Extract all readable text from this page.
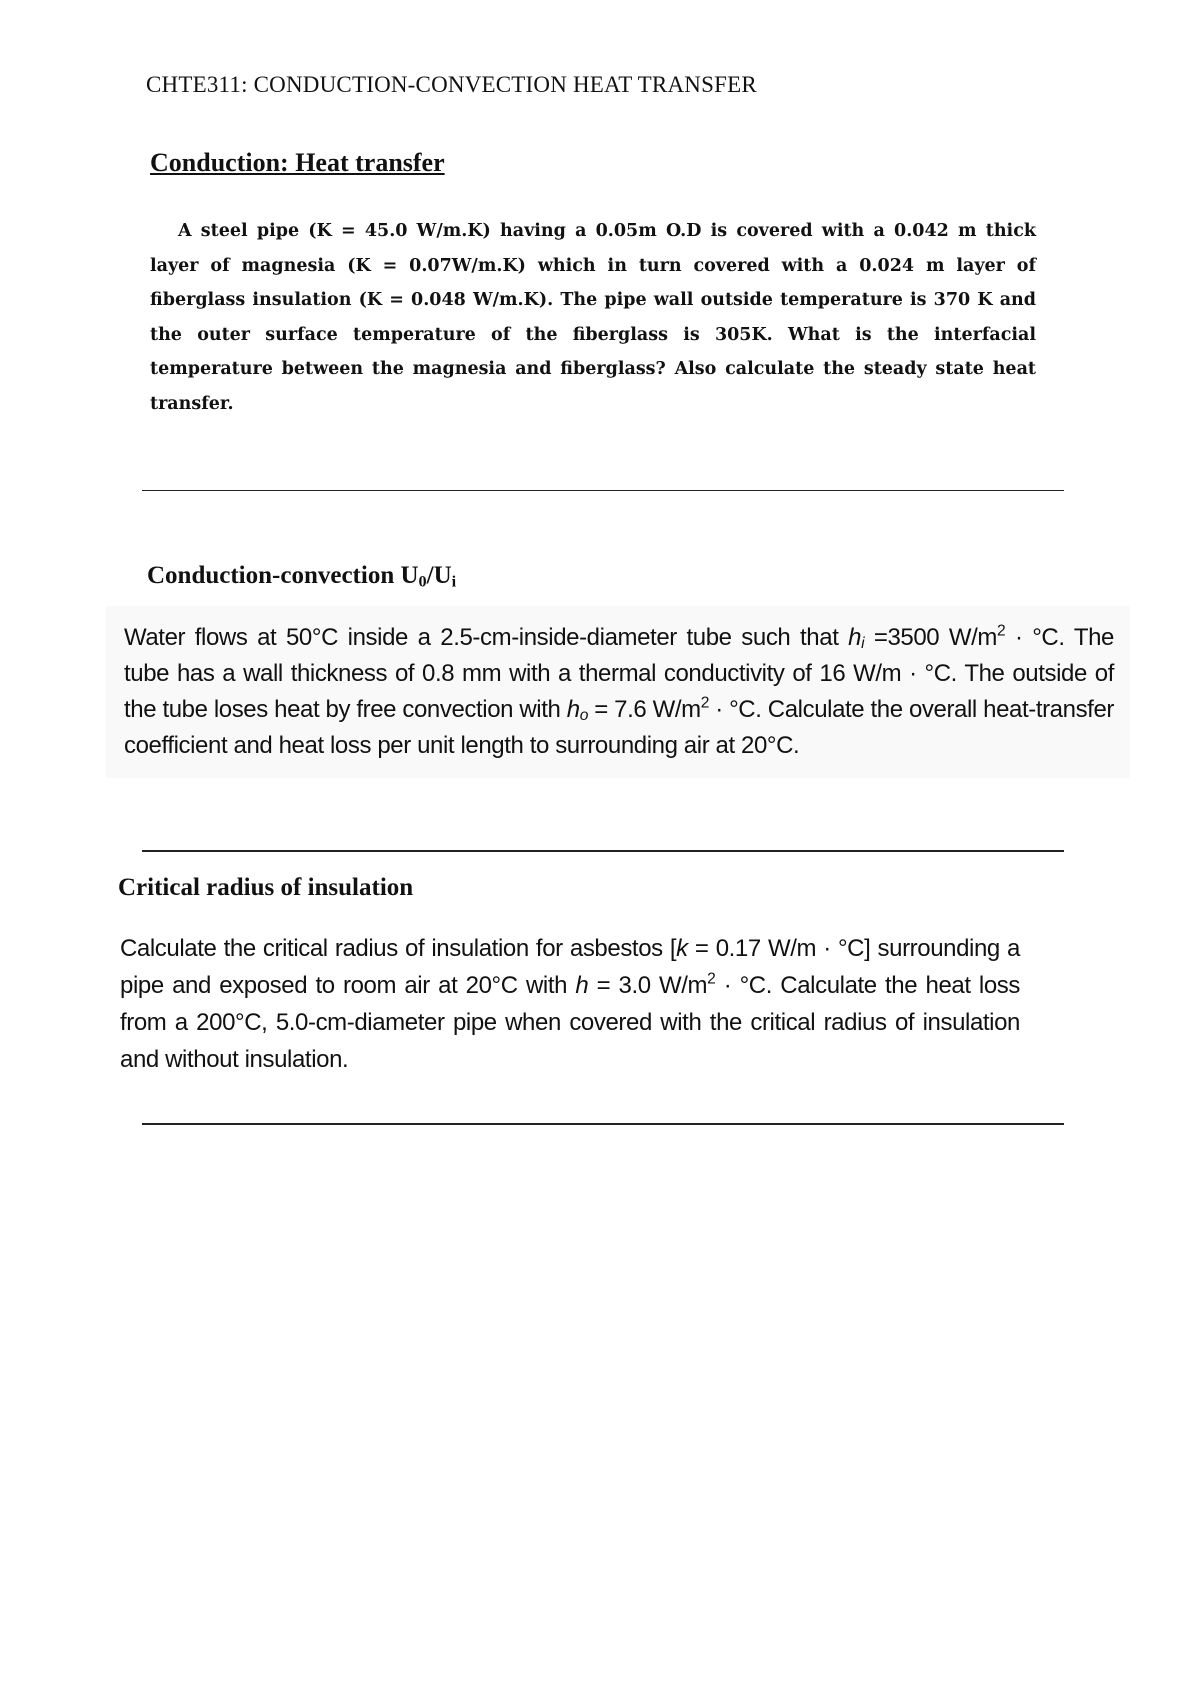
CHTE311: CONDUCTION-CONVECTION HEAT TRANSFER
Conduction: Heat transfer
A steel pipe (K = 45.0 W/m.K) having a 0.05m O.D is covered with a 0.042 m thick layer of magnesia (K = 0.07W/m.K) which in turn covered with a 0.024 m layer of fiberglass insulation (K = 0.048 W/m.K). The pipe wall outside temperature is 370 K and the outer surface temperature of the fiberglass is 305K. What is the interfacial temperature between the magnesia and fiberglass? Also calculate the steady state heat transfer.
Conduction-convection $U_0/U_i$
Water flows at 50°C inside a 2.5-cm-inside-diameter tube such that $h_i =3500$ $W/m^2 \cdot ^\circ C$. The tube has a wall thickness of 0.8 mm with a thermal conductivity of 16 W/m · °C. The outside of the tube loses heat by free convection with $h_o = 7.6$ $W/m^2 \cdot ^\circ C$. Calculate the overall heat-transfer coefficient and heat loss per unit length to surrounding air at 20°C.
Critical radius of insulation
Calculate the critical radius of insulation for asbestos [k = 0.17 W/m · °C] surrounding a pipe and exposed to room air at 20°C with h = 3.0 $W/m^2 \cdot ^\circ C$. Calculate the heat loss from a 200°C, 5.0-cm-diameter pipe when covered with the critical radius of insulation and without insulation.
